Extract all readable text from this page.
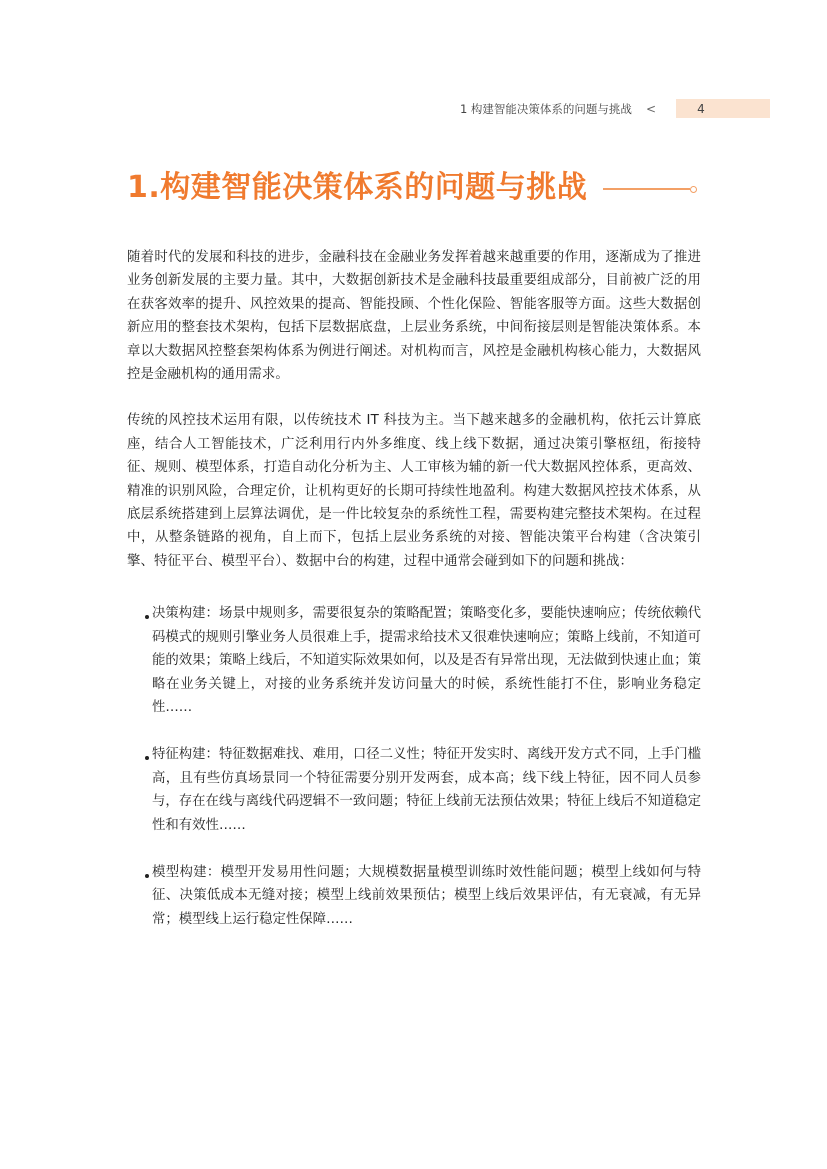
1 构建智能决策体系的问题与挑战 <	4
1.构建智能决策体系的问题与挑战

随着时代的发展和科技的进步，金融科技在金融业务发挥着越来越重要的作用，逐渐成为了推进业务创新发展的主要力量。其中，大数据创新技术是金融科技最重要组成部分，目前被广泛的用在获客效率的提升、风控效果的提高、智能投顾、个性化保险、智能客服等方面。这些大数据创新应用的整套技术架构，包括下层数据底盘，上层业务系统，中间衔接层则是智能决策体系。本章以大数据风控整套架构体系为例进行阐述。对机构而言，风控是金融机构核心能力，大数据风控是金融机构的通用需求。

传统的风控技术运用有限，以传统技术 IT 科技为主。当下越来越多的金融机构，依托云计算底座，结合人工智能技术，广泛利用行内外多维度、线上线下数据，通过决策引擎枢纽，衔接特征、规则、模型体系，打造自动化分析为主、人工审核为辅的新一代大数据风控体系，更高效、精准的识别风险，合理定价，让机构更好的长期可持续性地盈利。构建大数据风控技术体系，从底层系统搭建到上层算法调优，是一件比较复杂的系统性工程，需要构建完整技术架构。在过程中，从整条链路的视角，自上而下，包括上层业务系统的对接、智能决策平台构建（含决策引擎、特征平台、模型平台）、数据中台的构建，过程中通常会碰到如下的问题和挑战：

决策构建：场景中规则多，需要很复杂的策略配置；策略变化多，要能快速响应；传统依赖代码模式的规则引擎业务人员很难上手，提需求给技术又很难快速响应；策略上线前，不知道可能的效果；策略上线后，不知道实际效果如何，以及是否有异常出现，无法做到快速止血；策略在业务关键上，对接的业务系统并发访问量大的时候，系统性能打不住，影响业务稳定性……

特征构建：特征数据难找、难用，口径二义性；特征开发实时、离线开发方式不同，上手门槛高，且有些仿真场景同一个特征需要分别开发两套，成本高；线下线上特征，因不同人员参与，存在在线与离线代码逻辑不一致问题；特征上线前无法预估效果；特征上线后不知道稳定性和有效性……

模型构建：模型开发易用性问题；大规模数据量模型训练时效性能问题；模型上线如何与特征、决策低成本无缝对接；模型上线前效果预估；模型上线后效果评估，有无衰减，有无异常；模型线上运行稳定性保障……
